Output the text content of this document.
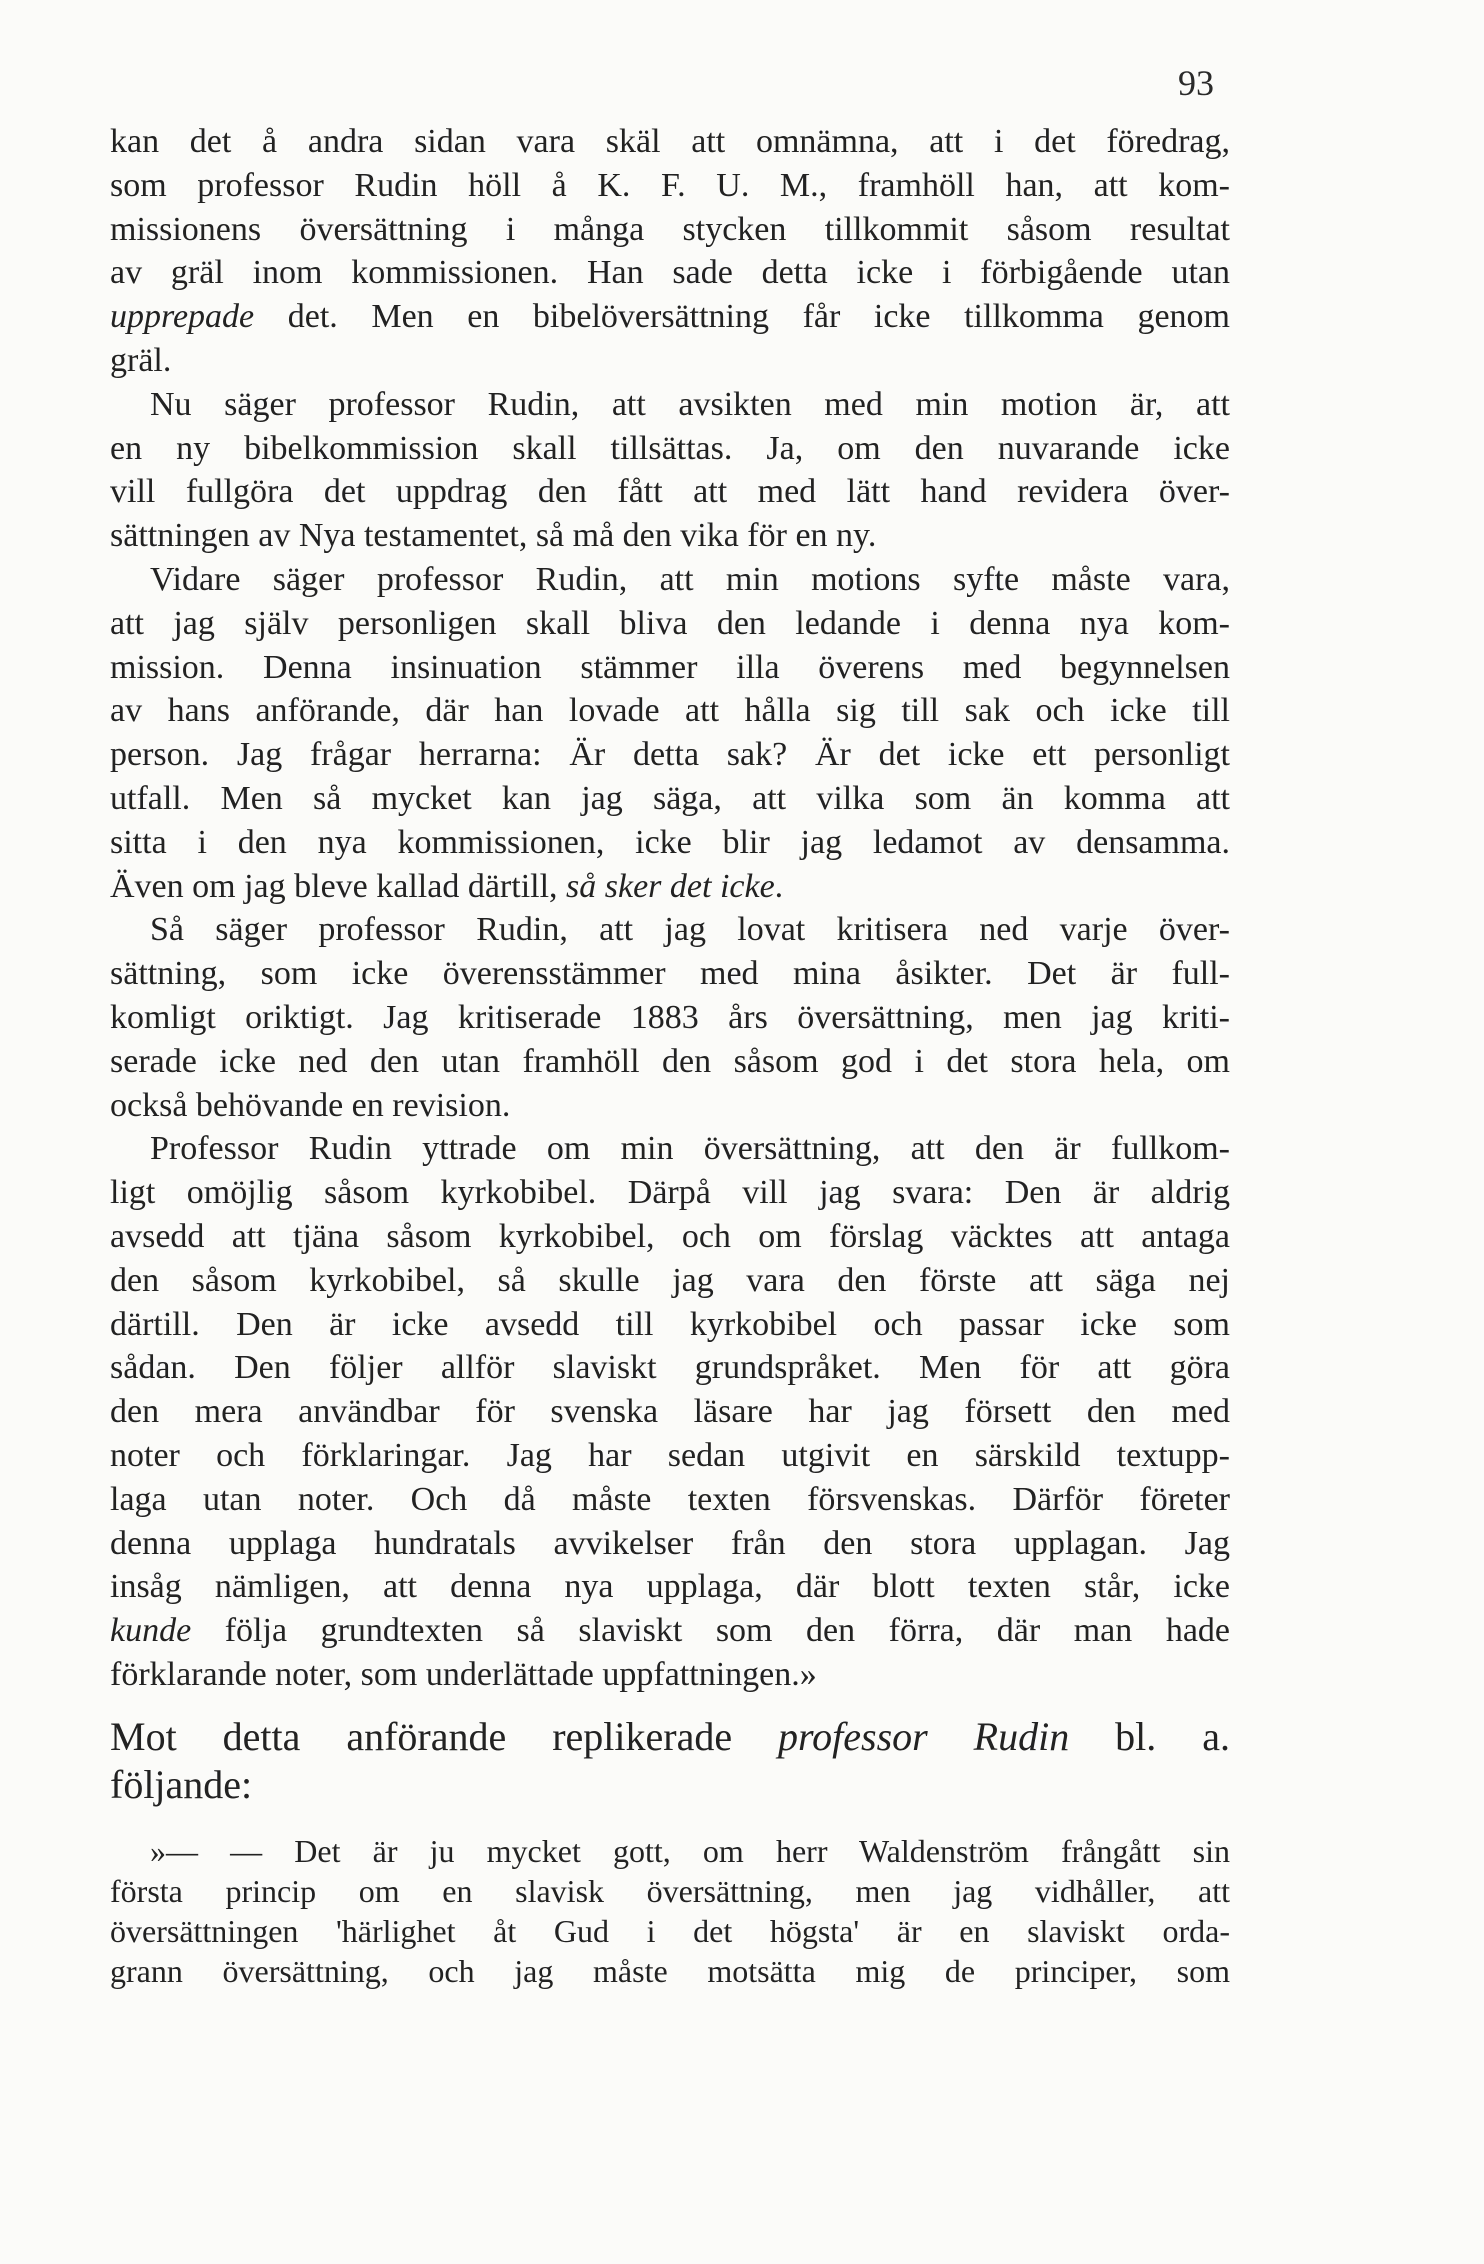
93
kan det å andra sidan vara skäl att omnämna, att i det föredrag,
som professor Rudin höll å K. F. U. M., framhöll han, att kom-
missionens översättning i många stycken tillkommit såsom resultat
av gräl inom kommissionen. Han sade detta icke i förbigående utan
upprepade det. Men en bibelöversättning får icke tillkomma genom
gräl.
Nu säger professor Rudin, att avsikten med min motion är, att
en ny bibelkommission skall tillsättas. Ja, om den nuvarande icke
vill fullgöra det uppdrag den fått att med lätt hand revidera över-
sättningen av Nya testamentet, så må den vika för en ny.
Vidare säger professor Rudin, att min motions syfte måste vara,
att jag själv personligen skall bliva den ledande i denna nya kom-
mission. Denna insinuation stämmer illa överens med begynnelsen
av hans anförande, där han lovade att hålla sig till sak och icke till
person. Jag frågar herrarna: Är detta sak? Är det icke ett personligt
utfall. Men så mycket kan jag säga, att vilka som än komma att
sitta i den nya kommissionen, icke blir jag ledamot av densamma.
Även om jag bleve kallad därtill, så sker det icke.
Så säger professor Rudin, att jag lovat kritisera ned varje över-
sättning, som icke överensstämmer med mina åsikter. Det är full-
komligt oriktigt. Jag kritiserade 1883 års översättning, men jag kriti-
serade icke ned den utan framhöll den såsom god i det stora hela, om
också behövande en revision.
Professor Rudin yttrade om min översättning, att den är fullkom-
ligt omöjlig såsom kyrkobibel. Därpå vill jag svara: Den är aldrig
avsedd att tjäna såsom kyrkobibel, och om förslag väcktes att antaga
den såsom kyrkobibel, så skulle jag vara den förste att säga nej
därtill. Den är icke avsedd till kyrkobibel och passar icke som
sådan. Den följer allför slaviskt grundspråket. Men för att göra
den mera användbar för svenska läsare har jag försett den med
noter och förklaringar. Jag har sedan utgivit en särskild textupp-
laga utan noter. Och då måste texten försvenskas. Därför företer
denna upplaga hundratals avvikelser från den stora upplagan. Jag
insåg nämligen, att denna nya upplaga, där blott texten står, icke
kunde följa grundtexten så slaviskt som den förra, där man hade
förklarande noter, som underlättade uppfattningen.»
Mot detta anförande replikerade professor Rudin bl. a.
följande:
»— — Det är ju mycket gott, om herr Waldenström frångått sin
första princip om en slavisk översättning, men jag vidhåller, att
översättningen 'härlighet åt Gud i det högsta' är en slaviskt orda-
grann översättning, och jag måste motsätta mig de principer, som
